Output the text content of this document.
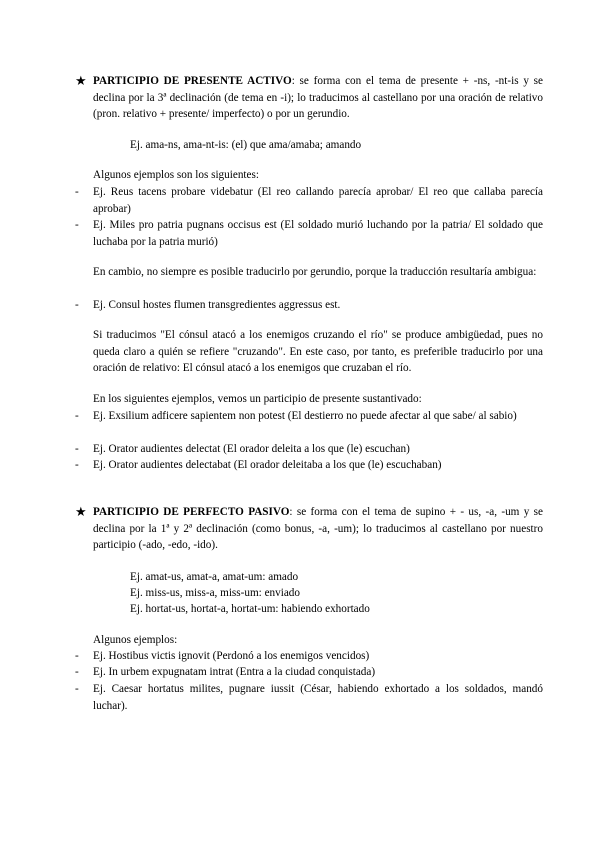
★ PARTICIPIO DE PRESENTE ACTIVO: se forma con el tema de presente + -ns, -nt-is y se declina por la 3ª declinación (de tema en -i); lo traducimos al castellano por una oración de relativo (pron. relativo + presente/ imperfecto) o por un gerundio.
Ej. ama-ns, ama-nt-is: (el) que ama/amaba; amando
Algunos ejemplos son los siguientes:
- Ej. Reus tacens probare videbatur (El reo callando parecía aprobar/ El reo que callaba parecía aprobar)
- Ej. Miles pro patria pugnans occisus est (El soldado murió luchando por la patria/ El soldado que luchaba por la patria murió)
En cambio, no siempre es posible traducirlo por gerundio, porque la traducción resultaría ambigua:
- Ej. Consul hostes flumen transgredientes aggressus est.
Si traducimos "El cónsul atacó a los enemigos cruzando el río" se produce ambigüedad, pues no queda claro a quién se refiere "cruzando". En este caso, por tanto, es preferible traducirlo por una oración de relativo: El cónsul atacó a los enemigos que cruzaban el río.
En los siguientes ejemplos, vemos un participio de presente sustantivado:
- Ej. Exsilium adficere sapientem non potest (El destierro no puede afectar al que sabe/ al sabio)
- Ej. Orator audientes delectat (El orador deleita a los que (le) escuchan)
- Ej. Orator audientes delectabat (El orador deleitaba a los que (le) escuchaban)
★ PARTICIPIO DE PERFECTO PASIVO: se forma con el tema de supino + - us, -a, -um y se declina por la 1ª y 2ª declinación (como bonus, -a, -um); lo traducimos al castellano por nuestro participio (-ado, -edo, -ido).
Ej. amat-us, amat-a, amat-um: amado
Ej. miss-us, miss-a, miss-um: enviado
Ej. hortat-us, hortat-a, hortat-um: habiendo exhortado
Algunos ejemplos:
- Ej. Hostibus victis ignovit (Perdonó a los enemigos vencidos)
- Ej. In urbem expugnatam intrat (Entra a la ciudad conquistada)
- Ej. Caesar hortatus milites, pugnare iussit (César, habiendo exhortado a los soldados, mandó luchar).
